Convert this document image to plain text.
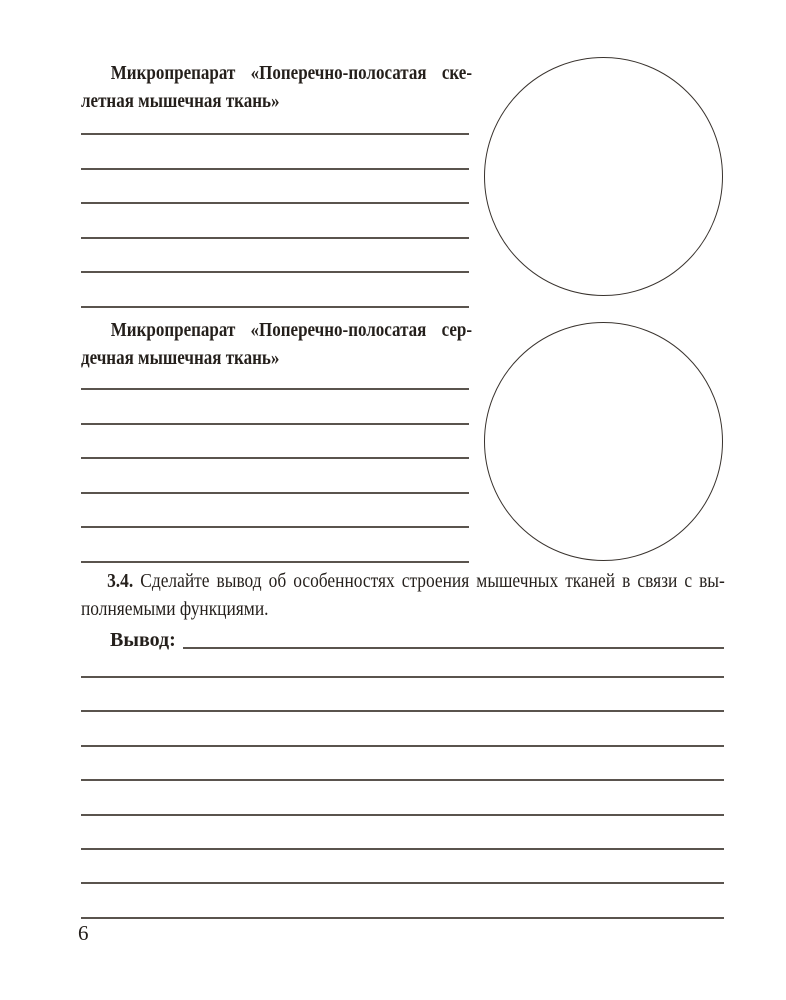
Микропрепарат «Поперечно-полосатая ске-
летная мышечная ткань»
Микропрепарат «Поперечно-полосатая сер-
дечная мышечная ткань»
3.4. Сделайте вывод об особенностях строения мышечных тканей в связи с вы-
полняемыми функциями.
Вывод:
6
